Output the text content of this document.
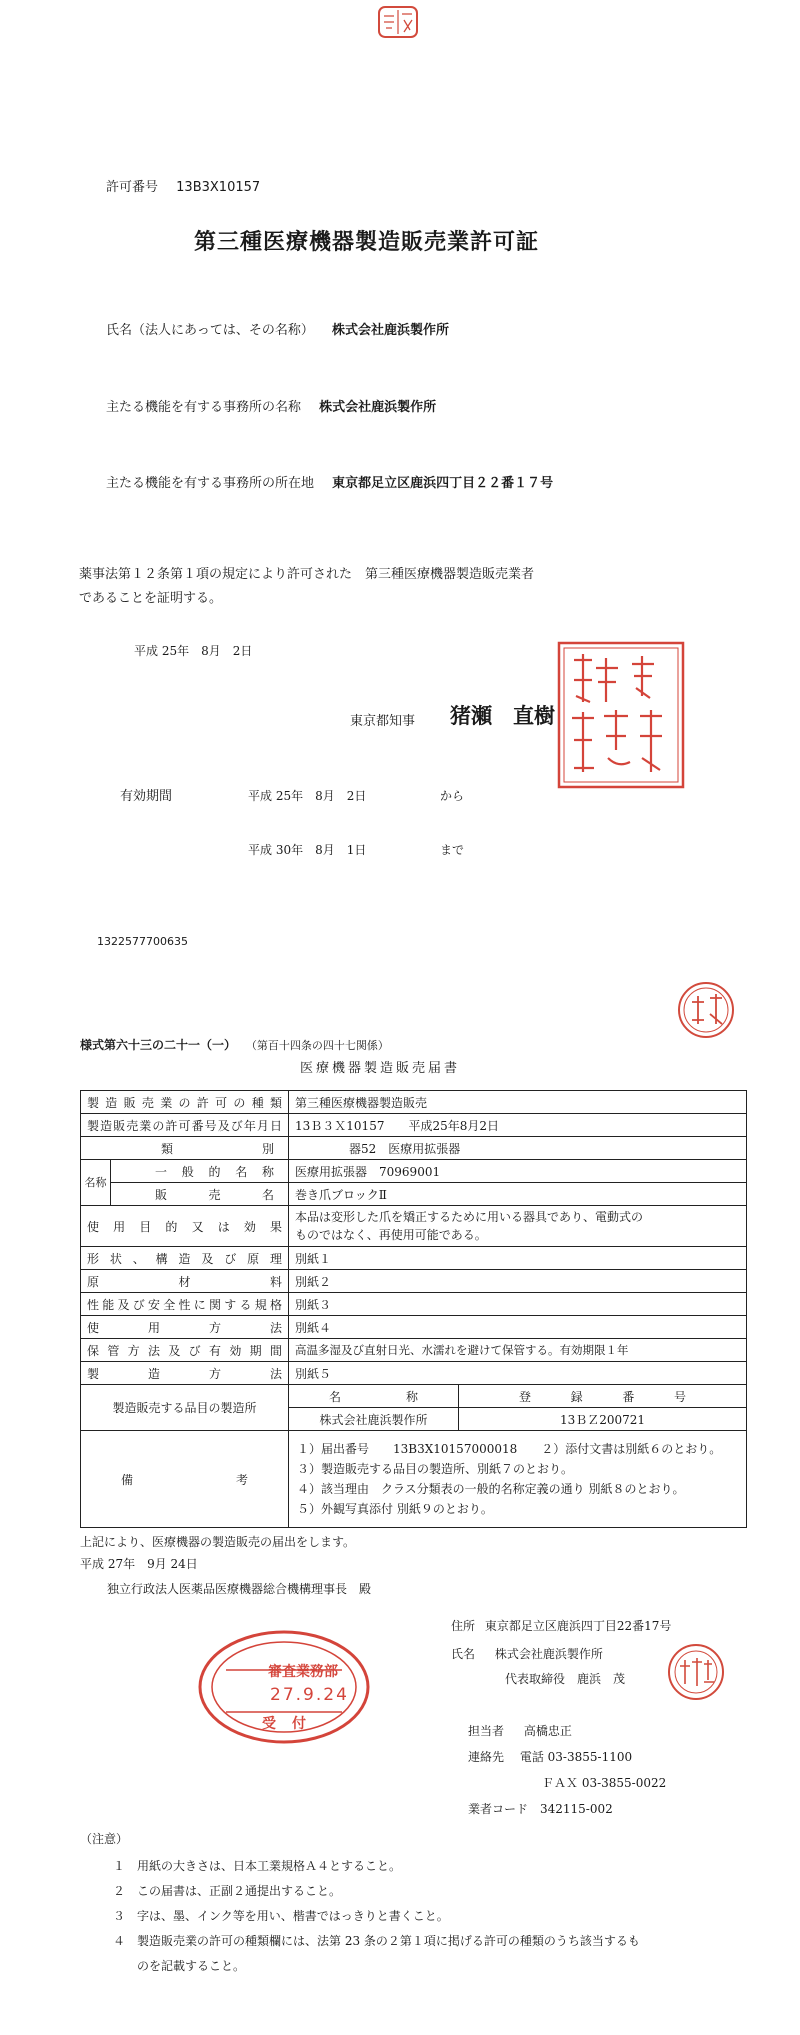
許可番号 13B3X10157
第三種医療機器製造販売業許可証
氏名（法人にあっては、その名称） 株式会社鹿浜製作所
主たる機能を有する事務所の名称 株式会社鹿浜製作所
主たる機能を有する事務所の所在地 東京都足立区鹿浜四丁目２２番１７号
薬事法第１２条第１項の規定により許可された　第三種医療機器製造販売業者
であることを証明する。
平成 25年　8月　2日
東京都知事 猪瀬　直樹
有効期間	平成 25年　8月　2日	から
平成 30年　8月　1日	まで
1322577700635
様式第六十三の二十一（一） （第百十四条の四十七関係）
医療機器製造販売届書
製造販売業の許可の種類		第三種医療機器製造販売	
製造販売業の許可番号及び年月日		13Ｂ３Ｘ10157　　平成25年8月2日	
類別		器52　医療用拡張器	
名称	一般的名称	医療用拡張器　70969001	
	販売名	巻き爪ブロックⅡ	
使用目的又は効果		本品は変形した爪を矯正するために用いる器具であり、電動式の
ものではなく、再使用可能である。	

形状、構造及び原理		別紙１	
原材料		別紙２	
性能及び安全性に関する規格		別紙３	
使用方法		別紙４	
保管方法及び有効期間		高温多湿及び直射日光、水濡れを避けて保管する。有効期限１年	
製造方法		別紙５	
製造販売する品目の製造所		名称	登録番号
		株式会社鹿浜製作所	13ＢＺ200721
備考		１）届出番号　　13B3X10157000018　　２）添付文書は別紙６のとおり。
３）製造販売する品目の製造所、別紙７のとおり。
４）該当理由　クラス分類表の一般的名称定義の通り 別紙８のとおり。
５）外観写真添付 別紙９のとおり。	
上記により、医療機器の製造販売の届出をします。
平成 27年　9月 24日
独立行政法人医薬品医療機器総合機構理事長　殿
住所 東京都足立区鹿浜四丁目22番17号
氏名 株式会社鹿浜製作所
代表取締役　鹿浜　茂
審査業務部
27.9.24
受付	担当者 高橋忠正
連絡先 電話 03-3855-1100
ＦＡＸ 03-3855-0022
業者コード　342115-002
（注意）
１　用紙の大きさは、日本工業規格Ａ４とすること。
２　この届書は、正副２通提出すること。
３　字は、墨、インク等を用い、楷書ではっきりと書くこと。
４　製造販売業の許可の種類欄には、法第 23 条の２第１項に掲げる許可の種類のうち該当するも
　　のを記載すること。
